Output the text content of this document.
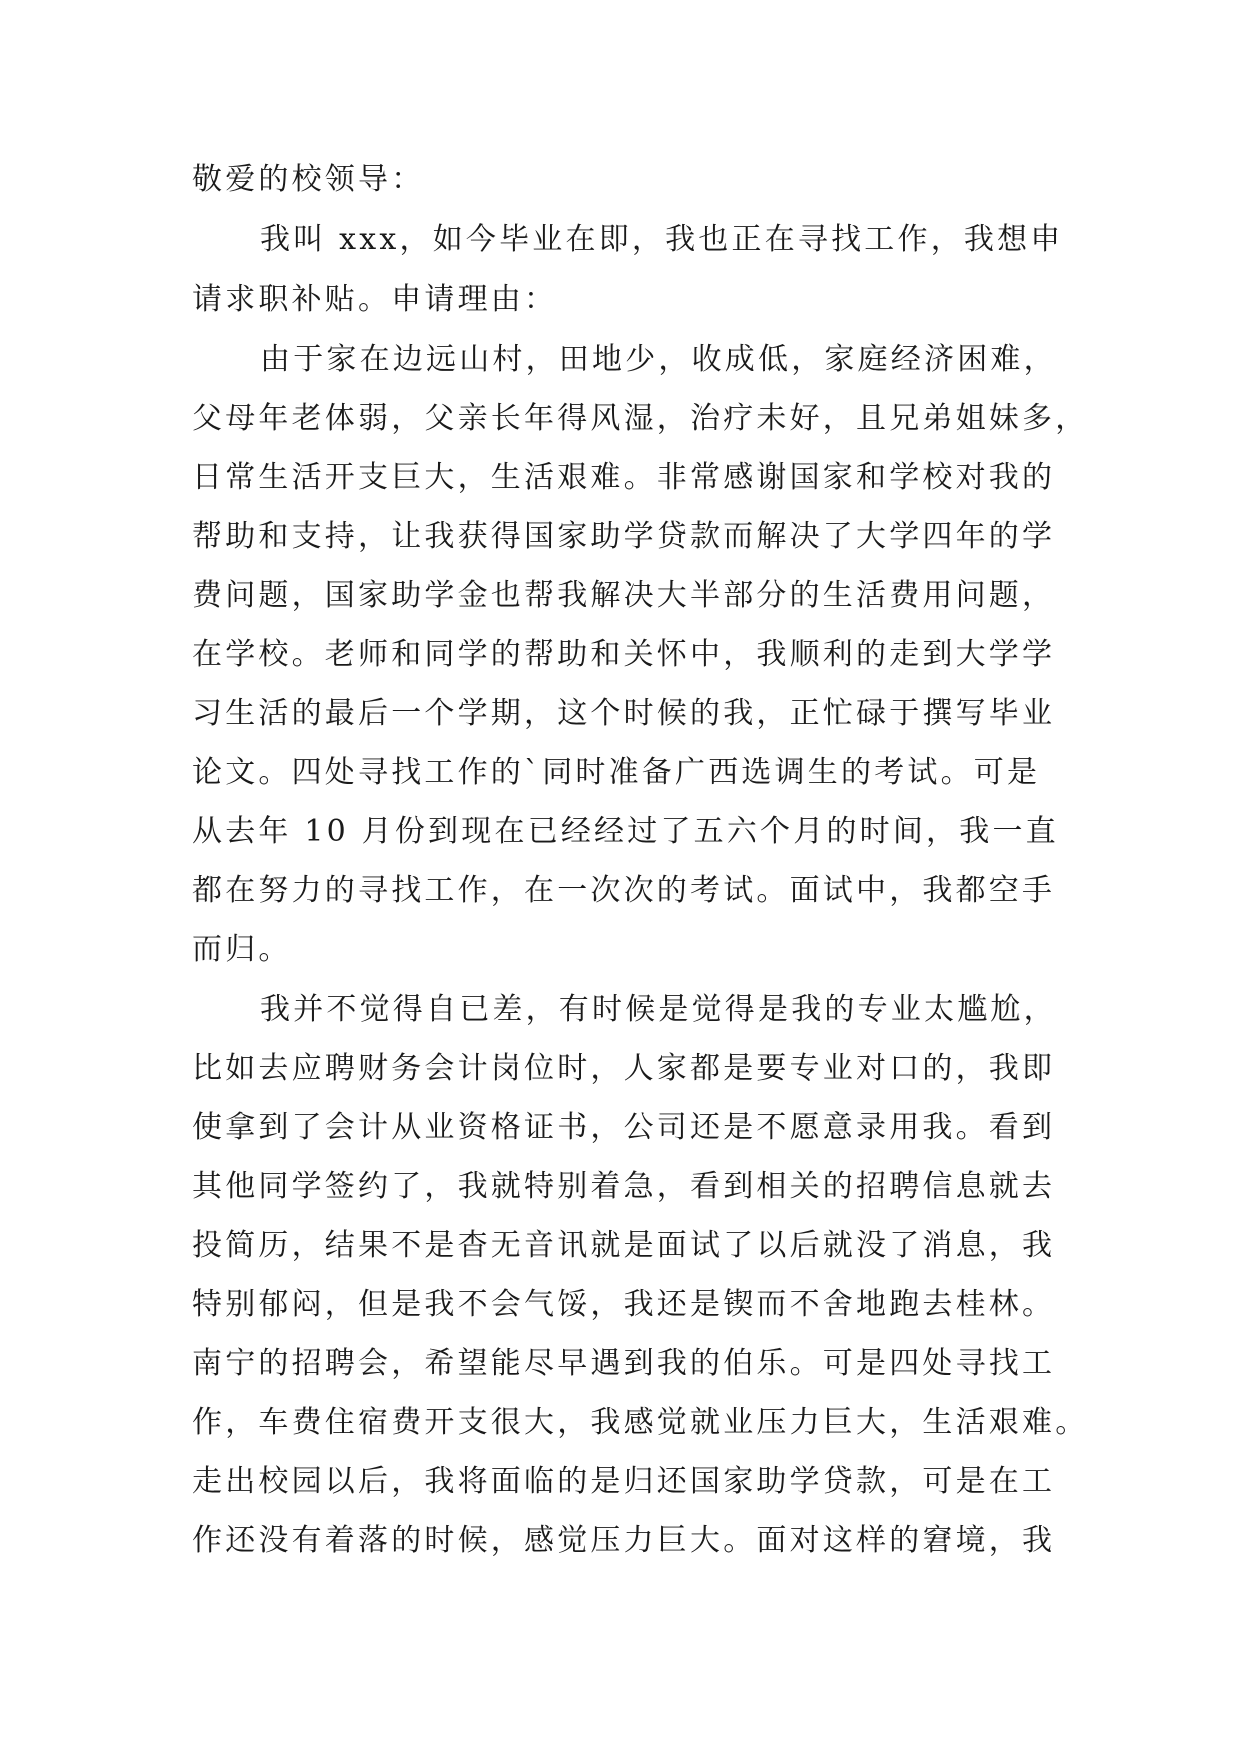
敬爱的校领导：
我叫 xxx，如今毕业在即，我也正在寻找工作，我想申
请求职补贴。申请理由：
由于家在边远山村，田地少，收成低，家庭经济困难，
父母年老体弱，父亲长年得风湿，治疗未好，且兄弟姐妹多，
日常生活开支巨大，生活艰难。非常感谢国家和学校对我的
帮助和支持，让我获得国家助学贷款而解决了大学四年的学
费问题，国家助学金也帮我解决大半部分的生活费用问题，
在学校。老师和同学的帮助和关怀中，我顺利的走到大学学
习生活的最后一个学期，这个时候的我，正忙碌于撰写毕业
论文。四处寻找工作的`同时准备广西选调生的考试。可是
从去年 10 月份到现在已经经过了五六个月的时间，我一直
都在努力的寻找工作，在一次次的考试。面试中，我都空手
而归。
我并不觉得自已差，有时候是觉得是我的专业太尴尬，
比如去应聘财务会计岗位时，人家都是要专业对口的，我即
使拿到了会计从业资格证书，公司还是不愿意录用我。看到
其他同学签约了，我就特别着急，看到相关的招聘信息就去
投简历，结果不是杳无音讯就是面试了以后就没了消息，我
特别郁闷，但是我不会气馁，我还是锲而不舍地跑去桂林。
南宁的招聘会，希望能尽早遇到我的伯乐。可是四处寻找工
作，车费住宿费开支很大，我感觉就业压力巨大，生活艰难。
走出校园以后，我将面临的是归还国家助学贷款，可是在工
作还没有着落的时候，感觉压力巨大。面对这样的窘境，我
